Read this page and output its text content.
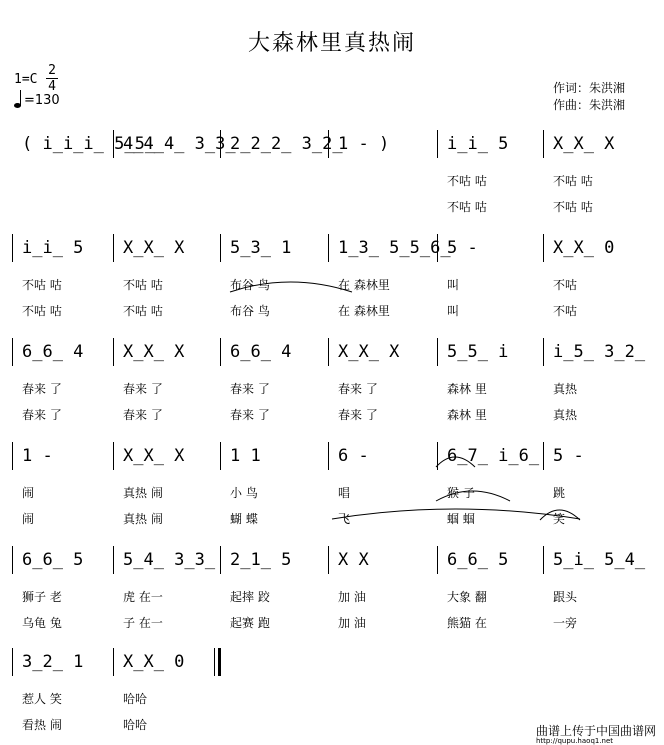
大森林里真热闹
1=C
2
4
=130
作词：朱洪湘
作曲：朱洪湘
( i̲i̲i̲ 5̲5̲
4̲4̲4̲ 3̲3̲
2̲2̲2̲ 3̲2̲
1 - )	i̲i̲ 5
不咕 咕
不咕 咕
X̲X̲ X
不咕 咕
不咕 咕
i̲i̲ 5
不咕 咕
不咕 咕
X̲X̲ X
不咕 咕
不咕 咕
5̲3̲ 1
布谷 鸟
布谷 鸟
1̲3̲ 5̲5̲6̲
在 森林里
在 森林里
5 -
叫
叫
X̲X̲ 0
不咕
不咕
6̲6̲ 4
春来 了
春来 了
X̲X̲ X
春来 了
春来 了
6̲6̲ 4
春来 了
春来 了
X̲X̲ X
春来 了
春来 了
5̲5̲ i
森林 里
森林 里
i̲5̲ 3̲2̲
真热
真热
1 -
闹
闹
X̲X̲ X
真热 闹
真热 闹
1 1
小 鸟
蝴 蝶
6 -
唱
飞
6̲7̲ i̲6̲
猴 子
蝈 蝈
5 -
跳
笑
6̲6̲ 5
狮子 老
乌龟 兔
5̲4̲ 3̲3̲
虎 在一
子 在一
2̲1̲ 5
起摔 跤
起赛 跑
X X
加 油
加 油
6̲6̲ 5
大象 翻
熊猫 在
5̲i̲ 5̲4̲
跟头
一旁
3̲2̲ 1
惹人 笑
看热 闹
X̲X̲ 0
哈哈
哈哈	曲谱上传于中国曲谱网
http://qupu.haoq1.net
